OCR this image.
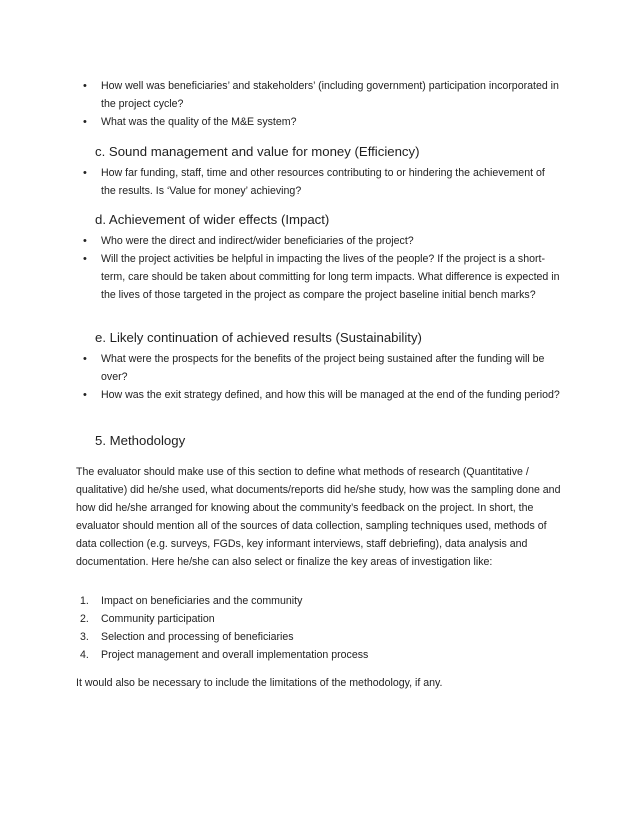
• How well was beneficiaries’ and stakeholders’ (including government) participation incorporated in the project cycle?
• What was the quality of the M&E system?
c. Sound management and value for money (Efficiency)
• How far funding, staff, time and other resources contributing to or hindering the achievement of the results. Is ‘Value for money’ achieving?
d. Achievement of wider effects (Impact)
• Who were the direct and indirect/wider beneficiaries of the project?
• Will the project activities be helpful in impacting the lives of the people? If the project is a short-term, care should be taken about committing for long term impacts. What difference is expected in the lives of those targeted in the project as compare the project baseline initial bench marks?
e. Likely continuation of achieved results (Sustainability)
• What were the prospects for the benefits of the project being sustained after the funding will be over?
• How was the exit strategy defined, and how this will be managed at the end of the funding period?
5. Methodology
The evaluator should make use of this section to define what methods of research (Quantitative / qualitative) did he/she used, what documents/reports did he/she study, how was the sampling done and how did he/she arranged for knowing about the community’s feedback on the project. In short, the evaluator should mention all of the sources of data collection, sampling techniques used, methods of data collection (e.g. surveys, FGDs, key informant interviews, staff debriefing), data analysis and documentation. Here he/she can also select or finalize the key areas of investigation like:
1. Impact on beneficiaries and the community
2. Community participation
3. Selection and processing of beneficiaries
4. Project management and overall implementation process
It would also be necessary to include the limitations of the methodology, if any.
